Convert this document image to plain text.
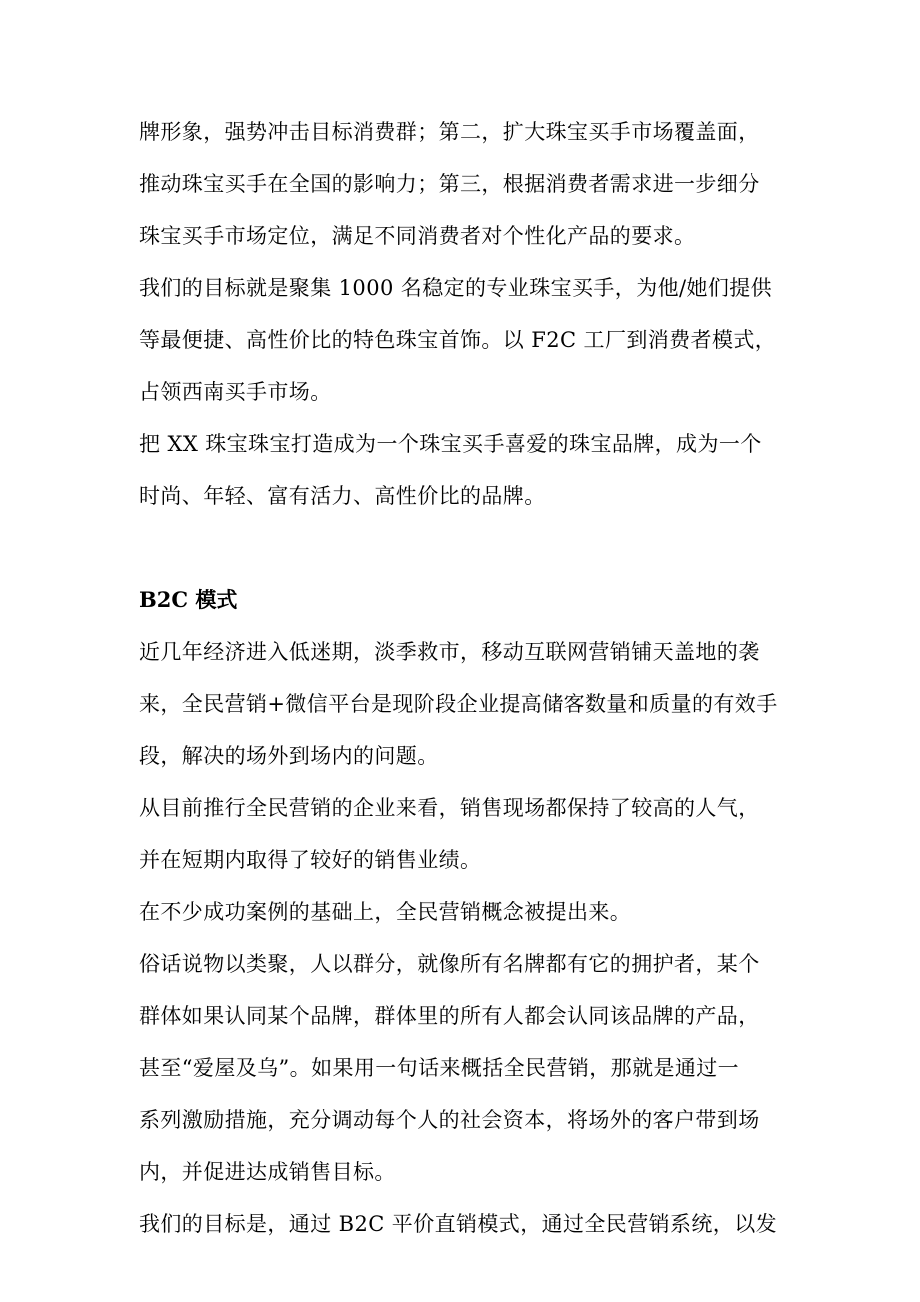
牌形象，强势冲击目标消费群；第二，扩大珠宝买手市场覆盖面，
推动珠宝买手在全国的影响力；第三，根据消费者需求进一步细分
珠宝买手市场定位，满足不同消费者对个性化产品的要求。
我们的目标就是聚集 1000 名稳定的专业珠宝买手，为他/她们提供
等最便捷、高性价比的特色珠宝首饰。以 F2C 工厂到消费者模式，
占领西南买手市场。
把 XX 珠宝珠宝打造成为一个珠宝买手喜爱的珠宝品牌，成为一个
时尚、年轻、富有活力、高性价比的品牌。
B2C 模式
近几年经济进入低迷期，淡季救市，移动互联网营销铺天盖地的袭
来，全民营销+微信平台是现阶段企业提高储客数量和质量的有效手
段，解决的场外到场内的问题。
从目前推行全民营销的企业来看，销售现场都保持了较高的人气，
并在短期内取得了较好的销售业绩。
在不少成功案例的基础上，全民营销概念被提出来。
俗话说物以类聚，人以群分，就像所有名牌都有它的拥护者，某个
群体如果认同某个品牌，群体里的所有人都会认同该品牌的产品，
甚至“爱屋及乌”。如果用一句话来概括全民营销，那就是通过一
系列激励措施，充分调动每个人的社会资本，将场外的客户带到场
内，并促进达成销售目标。
我们的目标是，通过 B2C 平价直销模式，通过全民营销系统，以发
